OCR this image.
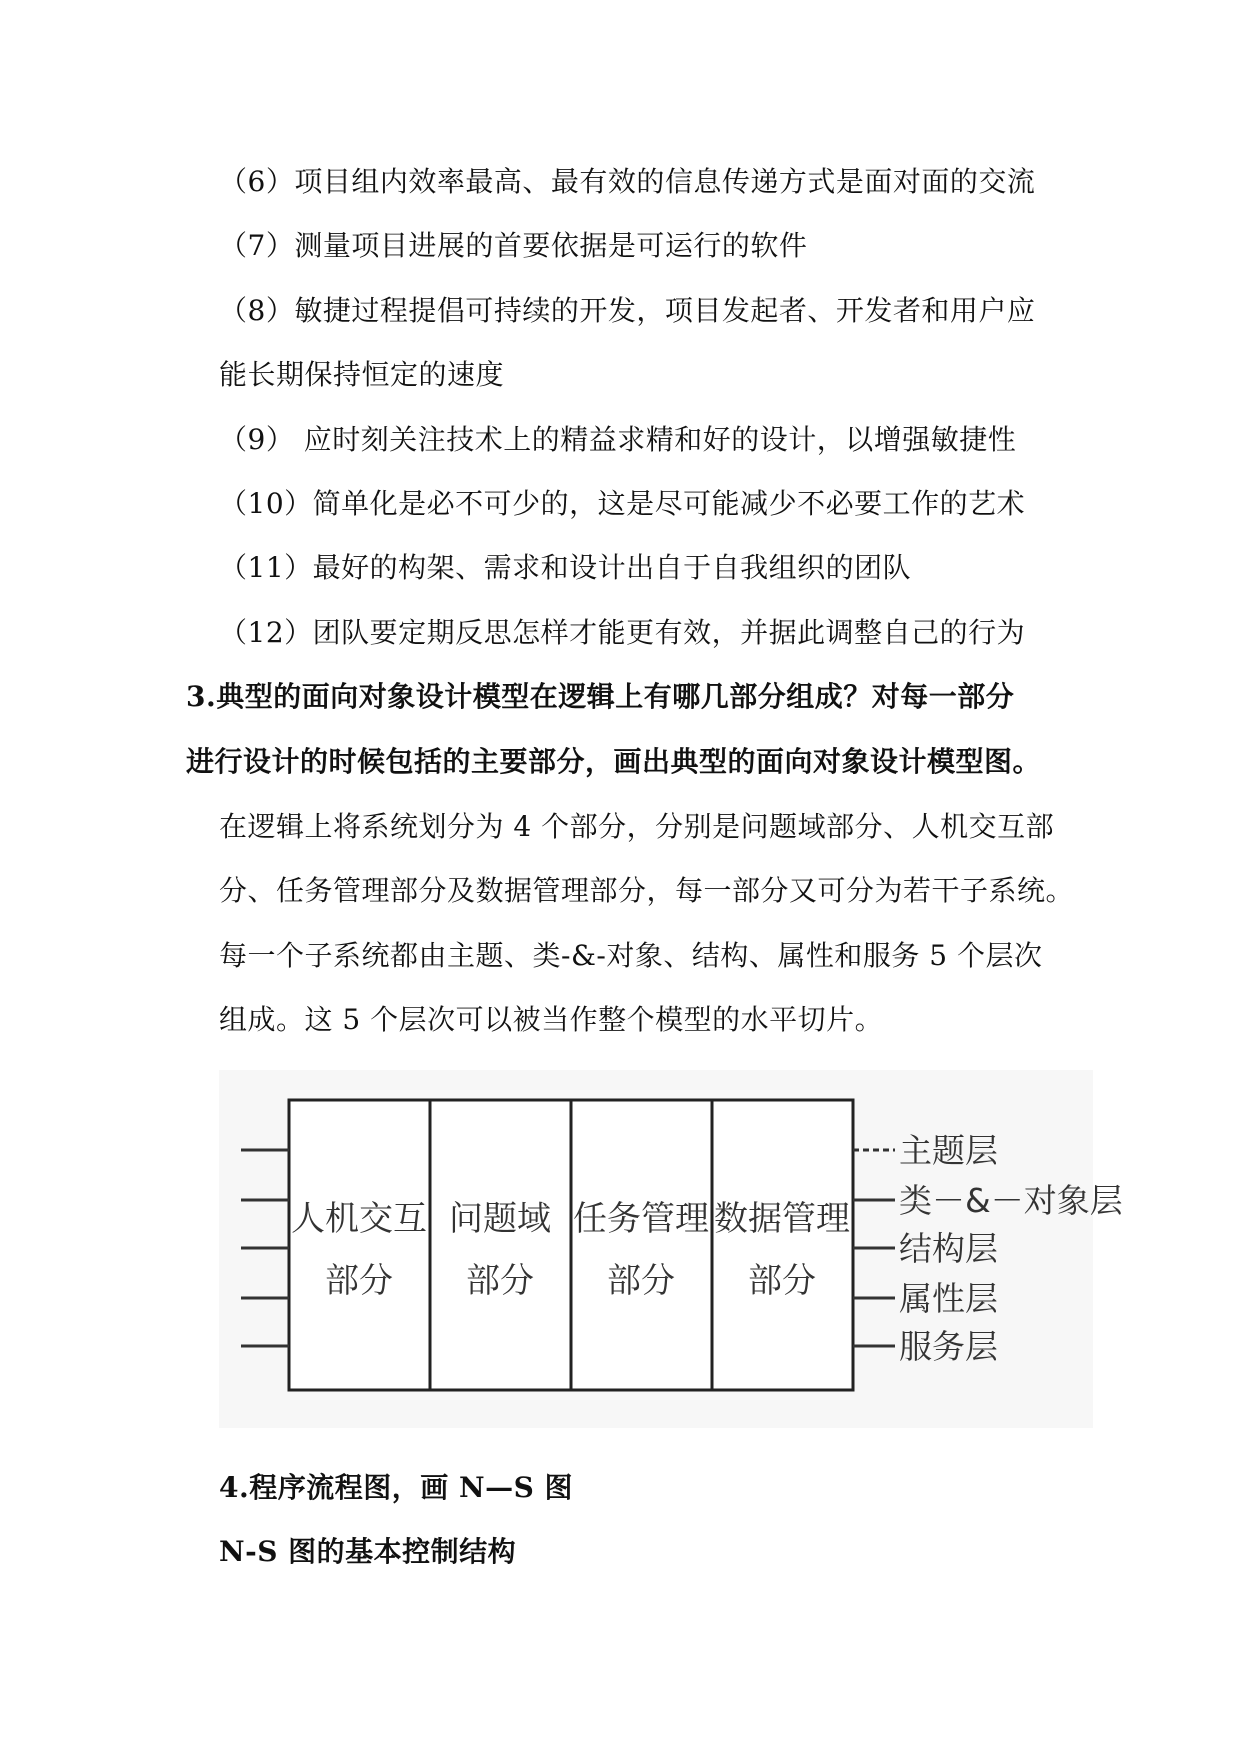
（6）项目组内效率最高、最有效的信息传递方式是面对面的交流
（7）测量项目进展的首要依据是可运行的软件
（8）敏捷过程提倡可持续的开发，项目发起者、开发者和用户应
能长期保持恒定的速度
（9） 应时刻关注技术上的精益求精和好的设计，以增强敏捷性
（10）简单化是必不可少的，这是尽可能减少不必要工作的艺术
（11）最好的构架、需求和设计出自于自我组织的团队
（12）团队要定期反思怎样才能更有效，并据此调整自己的行为
3.典型的面向对象设计模型在逻辑上有哪几部分组成？对每一部分
进行设计的时候包括的主要部分，画出典型的面向对象设计模型图。
在逻辑上将系统划分为 4 个部分，分别是问题域部分、人机交互部
分、任务管理部分及数据管理部分，每一部分又可分为若干子系统。
每一个子系统都由主题、类-&-对象、结构、属性和服务 5 个层次
组成。这 5 个层次可以被当作整个模型的水平切片。
人机交互
部分
问题域
部分
任务管理
部分
数据管理
部分
主题层
类－&－对象层
结构层
属性层
服务层
4.程序流程图，画 N—S 图
N-S 图的基本控制结构
